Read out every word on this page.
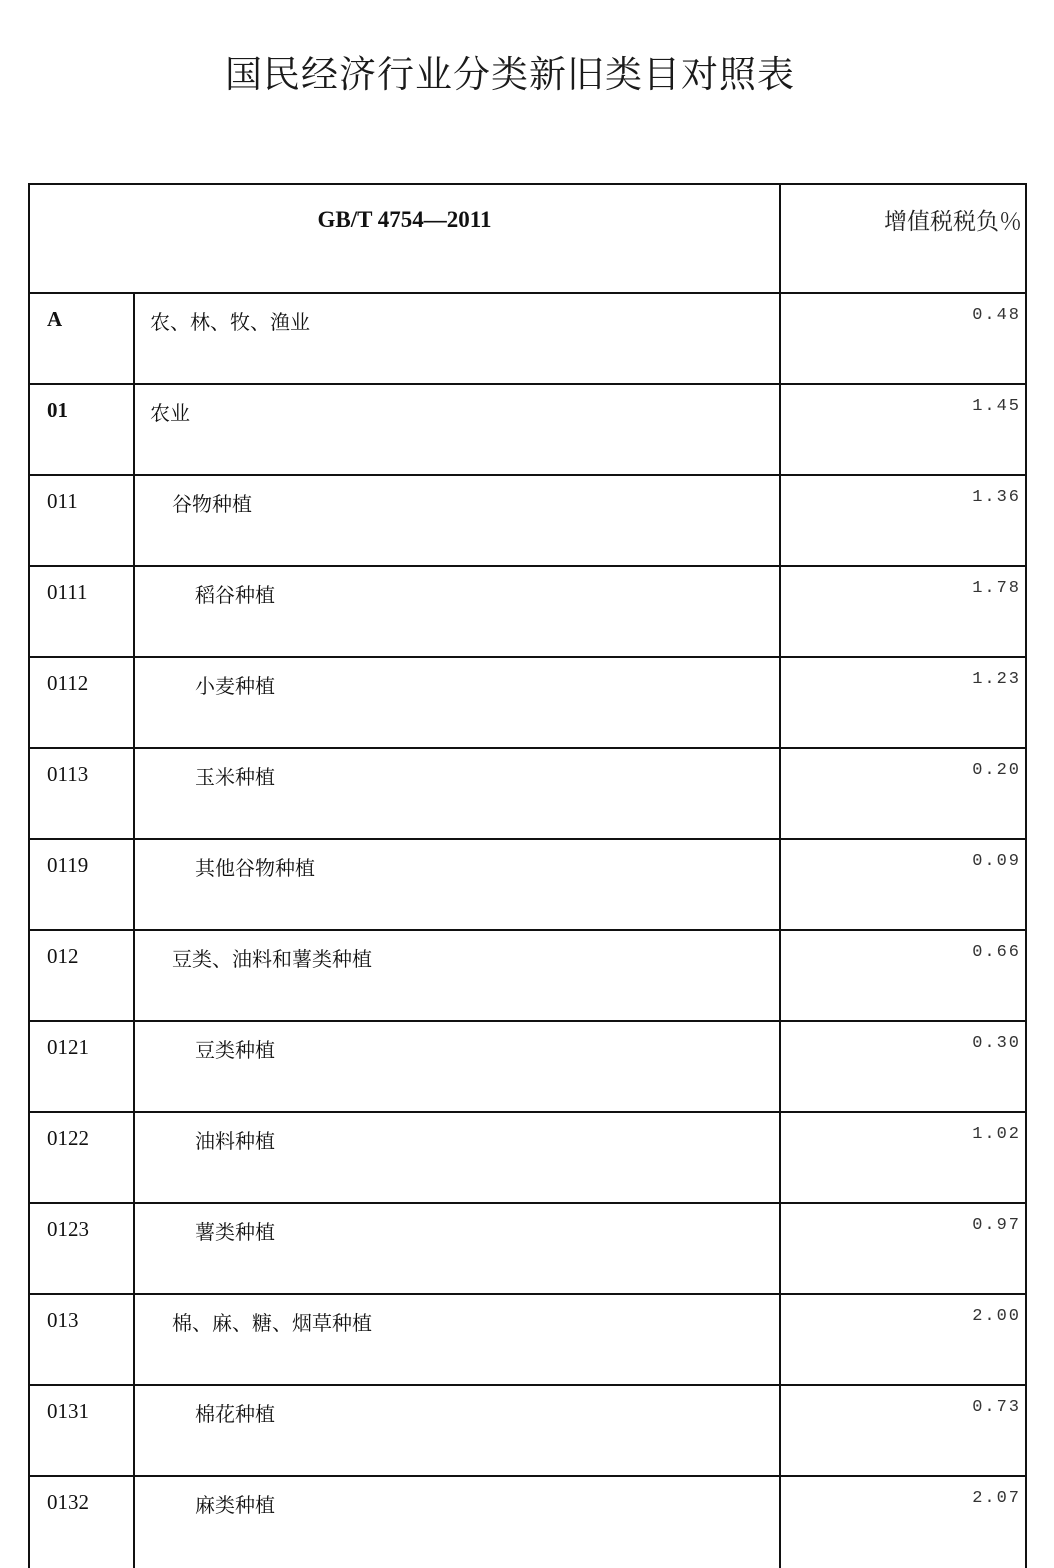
国民经济行业分类新旧类目对照表
GB/T 4754—2011	增值税税负％
A	农、林、牧、渔业	0.48
01	农业	1.45
011	谷物种植	1.36
0111	稻谷种植	1.78
0112	小麦种植	1.23
0113	玉米种植	0.20
0119	其他谷物种植	0.09
012	豆类、油料和薯类种植	0.66
0121	豆类种植	0.30
0122	油料种植	1.02
0123	薯类种植	0.97
013	棉、麻、糖、烟草种植	2.00
0131	棉花种植	0.73
0132	麻类种植	2.07
